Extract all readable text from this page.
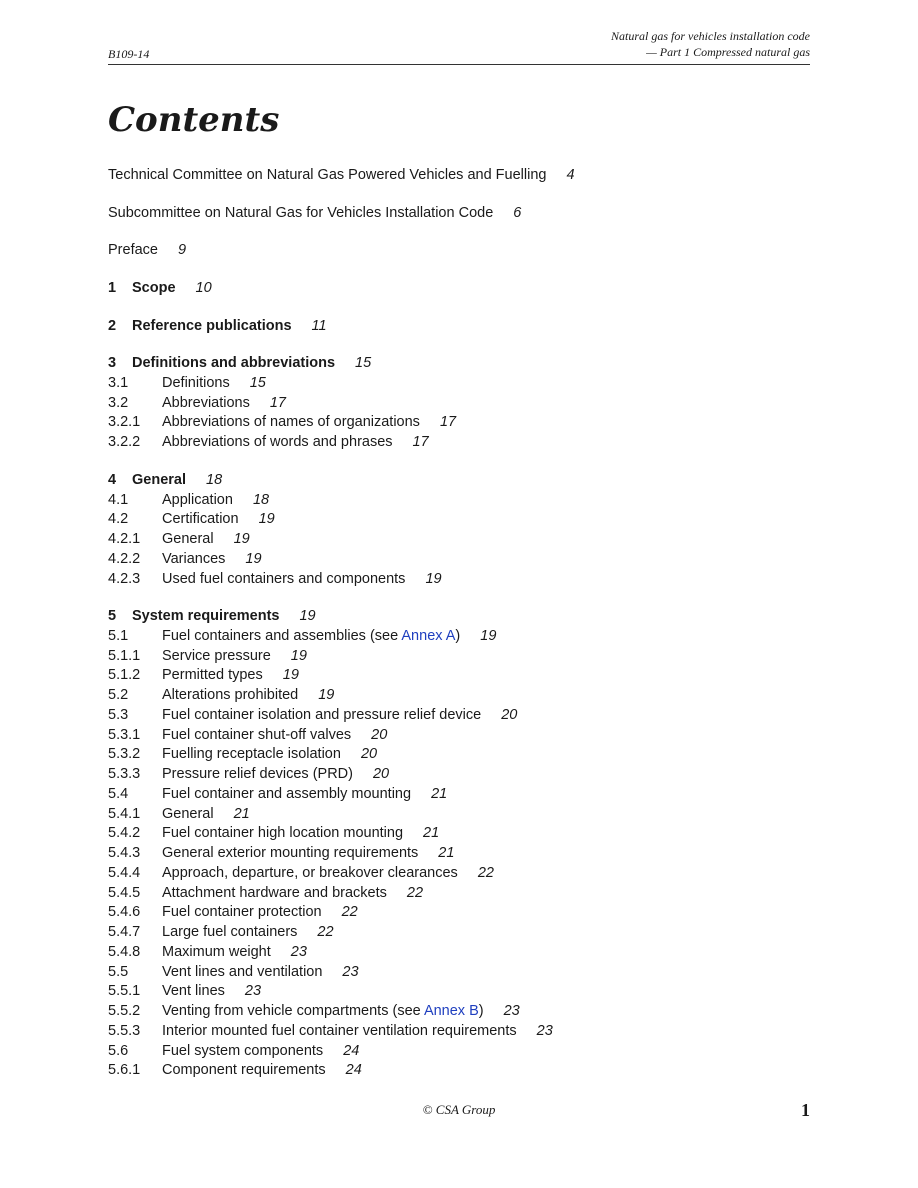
B109-14
Natural gas for vehicles installation code
— Part 1 Compressed natural gas
Contents
Technical Committee on Natural Gas Powered Vehicles and Fuelling 4
Subcommittee on Natural Gas for Vehicles Installation Code 6
Preface 9
1 Scope 10
2 Reference publications 11
3 Definitions and abbreviations 15
3.1 Definitions 15
3.2 Abbreviations 17
3.2.1 Abbreviations of names of organizations 17
3.2.2 Abbreviations of words and phrases 17
4 General 18
4.1 Application 18
4.2 Certification 19
4.2.1 General 19
4.2.2 Variances 19
4.2.3 Used fuel containers and components 19
5 System requirements 19
5.1 Fuel containers and assemblies (see Annex A) 19
5.1.1 Service pressure 19
5.1.2 Permitted types 19
5.2 Alterations prohibited 19
5.3 Fuel container isolation and pressure relief device 20
5.3.1 Fuel container shut-off valves 20
5.3.2 Fuelling receptacle isolation 20
5.3.3 Pressure relief devices (PRD) 20
5.4 Fuel container and assembly mounting 21
5.4.1 General 21
5.4.2 Fuel container high location mounting 21
5.4.3 General exterior mounting requirements 21
5.4.4 Approach, departure, or breakover clearances 22
5.4.5 Attachment hardware and brackets 22
5.4.6 Fuel container protection 22
5.4.7 Large fuel containers 22
5.4.8 Maximum weight 23
5.5 Vent lines and ventilation 23
5.5.1 Vent lines 23
5.5.2 Venting from vehicle compartments (see Annex B) 23
5.5.3 Interior mounted fuel container ventilation requirements 23
5.6 Fuel system components 24
5.6.1 Component requirements 24
© CSA Group	1
